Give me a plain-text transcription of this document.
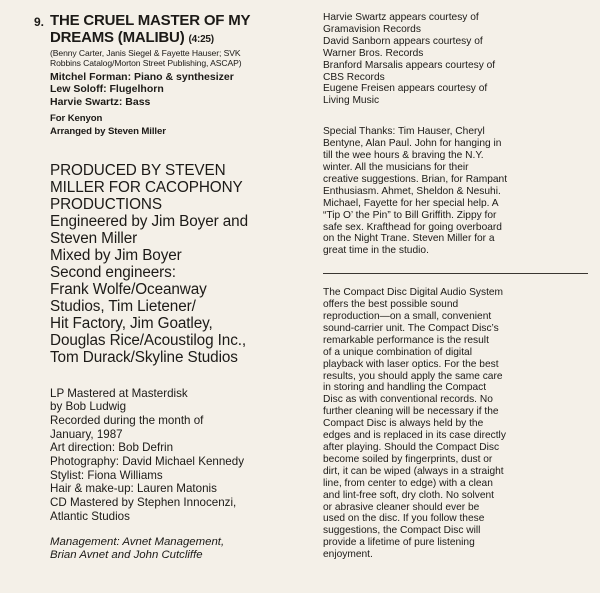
9. THE CRUEL MASTER OF MY
DREAMS (MALIBU) (4:25)
(Benny Carter, Janis Siegel & Fayette Hauser; SVK
Robbins Catalog/Morton Street Publishing, ASCAP)
Mitchel Forman: Piano & synthesizer
Lew Soloff: Flugelhorn
Harvie Swartz: Bass
For Kenyon
Arranged by Steven Miller
PRODUCED BY STEVEN
MILLER FOR CACOPHONY
PRODUCTIONS
Engineered by Jim Boyer and
Steven Miller
Mixed by Jim Boyer
Second engineers:
Frank Wolfe/Oceanway
Studios, Tim Lietener/
Hit Factory, Jim Goatley,
Douglas Rice/Acoustilog Inc.,
Tom Durack/Skyline Studios
LP Mastered at Masterdisk
by Bob Ludwig
Recorded during the month of
January, 1987
Art direction: Bob Defrin
Photography: David Michael Kennedy
Stylist: Fiona Williams
Hair & make-up: Lauren Matonis
CD Mastered by Stephen Innocenzi,
Atlantic Studios
Management: Avnet Management,
Brian Avnet and John Cutcliffe
Harvie Swartz appears courtesy of
Gramavision Records
David Sanborn appears courtesy of
Warner Bros. Records
Branford Marsalis appears courtesy of
CBS Records
Eugene Freisen appears courtesy of
Living Music
Special Thanks: Tim Hauser, Cheryl
Bentyne, Alan Paul. John for hanging in
till the wee hours & braving the N.Y.
winter. All the musicians for their
creative suggestions. Brian, for Rampant
Enthusiasm. Ahmet, Sheldon & Nesuhi.
Michael, Fayette for her special help. A
“Tip O’ the Pin” to Bill Griffith. Zippy for
safe sex. Krafthead for going overboard
on the Night Trane. Steven Miller for a
great time in the studio.
The Compact Disc Digital Audio System
offers the best possible sound
reproduction—on a small, convenient
sound-carrier unit. The Compact Disc’s
remarkable performance is the result
of a unique combination of digital
playback with laser optics. For the best
results, you should apply the same care
in storing and handling the Compact
Disc as with conventional records. No
further cleaning will be necessary if the
Compact Disc is always held by the
edges and is replaced in its case directly
after playing. Should the Compact Disc
become soiled by fingerprints, dust or
dirt, it can be wiped (always in a straight
line, from center to edge) with a clean
and lint-free soft, dry cloth. No solvent
or abrasive cleaner should ever be
used on the disc. If you follow these
suggestions, the Compact Disc will
provide a lifetime of pure listening
enjoyment.
